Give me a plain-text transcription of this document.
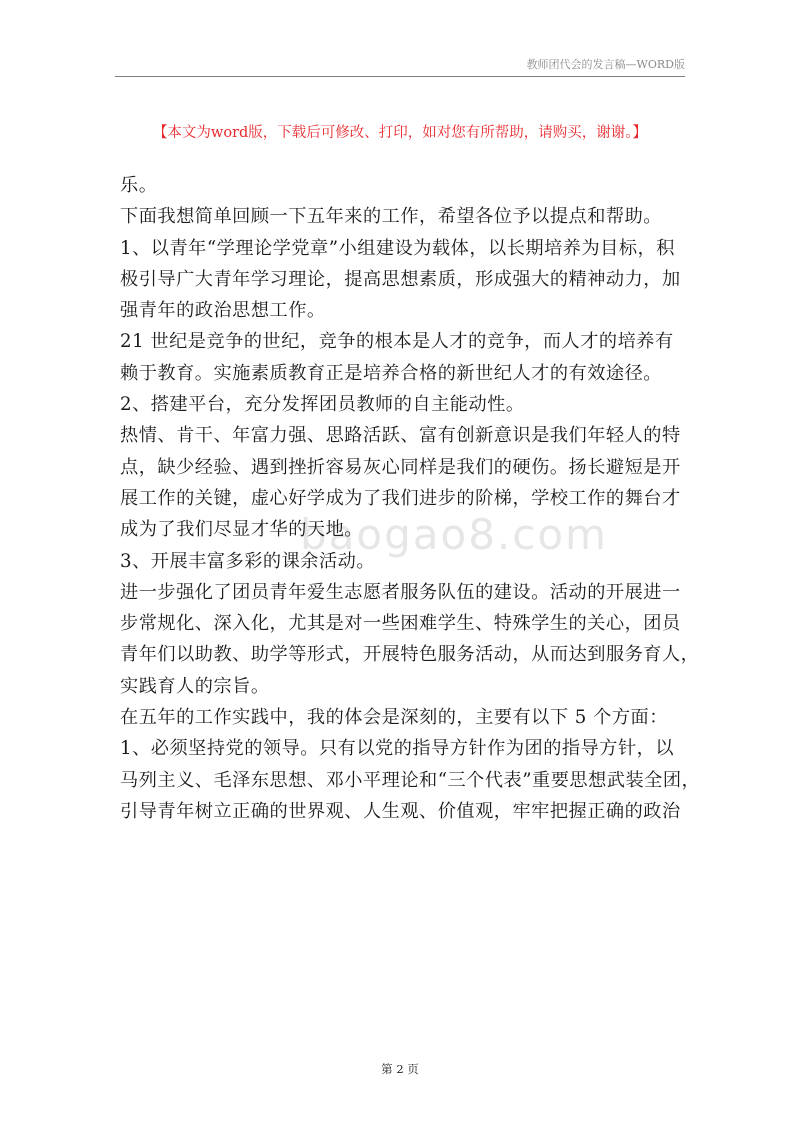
教师团代会的发言稿—WORD版
【本文为word版，下载后可修改、打印，如对您有所帮助，请购买，谢谢。】
baogao8.com

乐。

下面我想简单回顾一下五年来的工作，希望各位予以提点和帮助。

1、以青年“学理论学党章”小组建设为载体，以长期培养为目标，积
极引导广大青年学习理论，提高思想素质，形成强大的精神动力，加
强青年的政治思想工作。

21 世纪是竞争的世纪，竞争的根本是人才的竞争，而人才的培养有
赖于教育。实施素质教育正是培养合格的新世纪人才的有效途径。

2、搭建平台，充分发挥团员教师的自主能动性。

热情、肯干、年富力强、思路活跃、富有创新意识是我们年轻人的特
点，缺少经验、遇到挫折容易灰心同样是我们的硬伤。扬长避短是开
展工作的关键，虚心好学成为了我们进步的阶梯，学校工作的舞台才
成为了我们尽显才华的天地。

3、开展丰富多彩的课余活动。

进一步强化了团员青年爱生志愿者服务队伍的建设。活动的开展进一
步常规化、深入化，尤其是对一些困难学生、特殊学生的关心，团员
青年们以助教、助学等形式，开展特色服务活动，从而达到服务育人，
实践育人的宗旨。

在五年的工作实践中，我的体会是深刻的，主要有以下 5 个方面：

1、必须坚持党的领导。只有以党的指导方针作为团的指导方针，以
马列主义、毛泽东思想、邓小平理论和“三个代表”重要思想武装全团，
引导青年树立正确的世界观、人生观、价值观，牢牢把握正确的政治

第 2 页
